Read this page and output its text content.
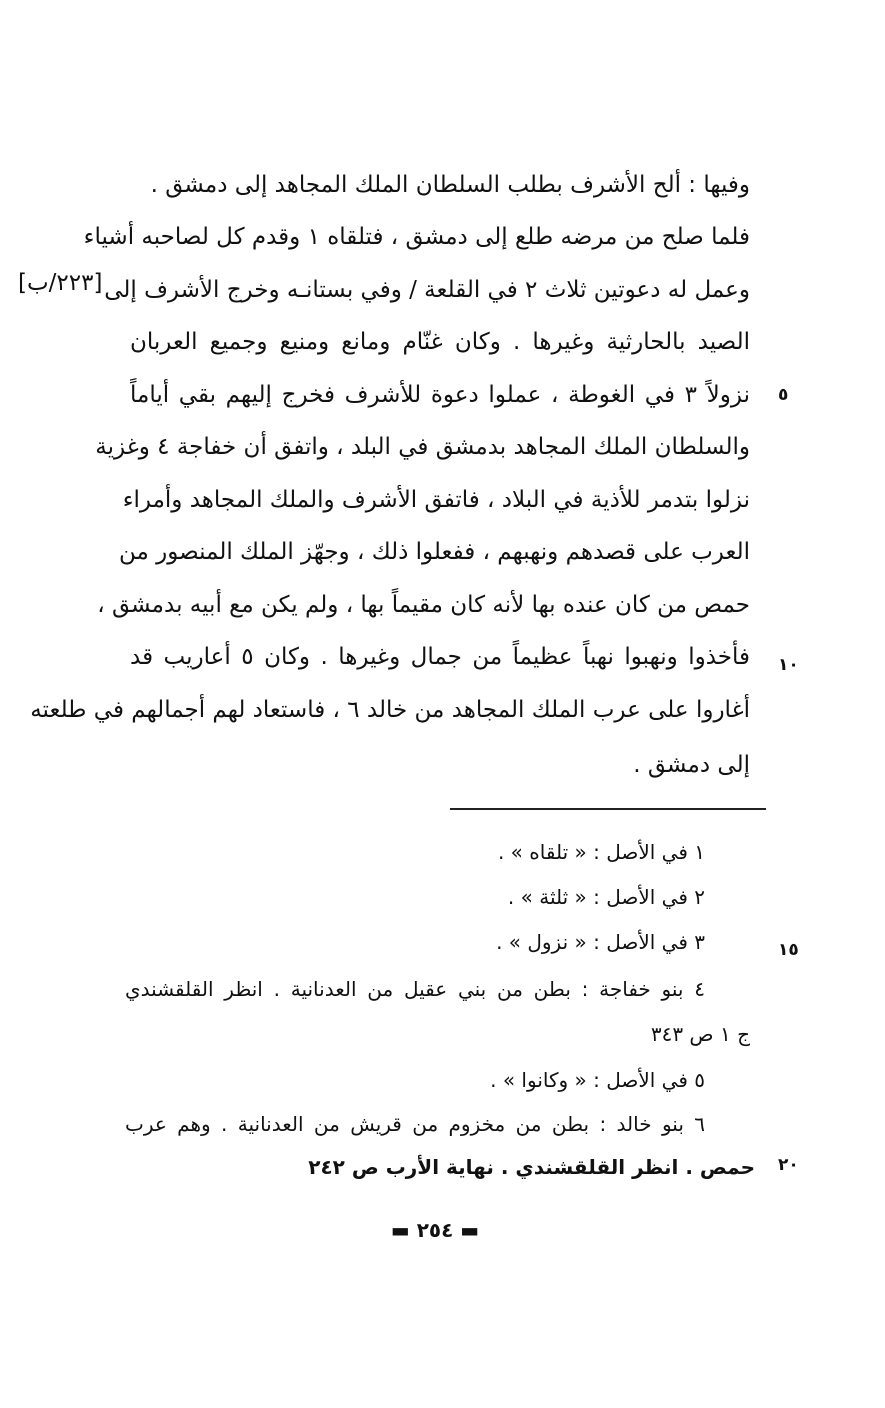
وفيها : ألح الأشرف بطلب السلطان الملك المجاهد إلى دمشق .
فلما صلح من مرضه طلع إلى دمشق ، فتلقاه ١ وقدم كل لصاحبه أشياء
وعمل له دعوتين ثلاث ٢ في القلعة / وفي بستانـه وخرج الأشرف إلى
الصيد بالحارثية وغيرها . وكان غنّام ومانع ومنيع وجميع العربان
نزولاً ٣ في الغوطة ، عملوا دعوة للأشرف فخرج إليهم بقي أياماً
والسلطان الملك المجاهد بدمشق في البلد ، واتفق أن خفاجة ٤ وغزية
نزلوا بتدمر للأذية في البلاد ، فاتفق الأشرف والملك المجاهد وأمراء
العرب على قصدهم ونهبهم ، ففعلوا ذلك ، وجهّز الملك المنصور من
حمص من كان عنده بها لأنه كان مقيماً بها ، ولم يكن مع أبيه بدمشق ،
فأخذوا ونهبوا نهباً عظيماً من جمال وغيرها . وكان ٥ أعاريب قد
أغاروا على عرب الملك المجاهد من خالد ٦ ، فاستعاد لهم أجمالهم في طلعته
إلى دمشق .
[٢٢٣/ب]
٥
١٠
١٥
٢٠
١ في الأصل : « تلقاه » .
٢ في الأصل : « ثلثة » .
٣ في الأصل : « نزول » .
٤ بنو خفاجة : بطن من بني عقيل من العدنانية . انظر القلقشندي
ج ١ ص ٣٤٣
٥ في الأصل : « وكانوا » .
٦ بنو خالد : بطن من مخزوم من قريش من العدنانية . وهم عرب
حمص . انظر القلقشندي . نهاية الأرب ص ٢٤٢
▬ ٢٥٤ ▬
